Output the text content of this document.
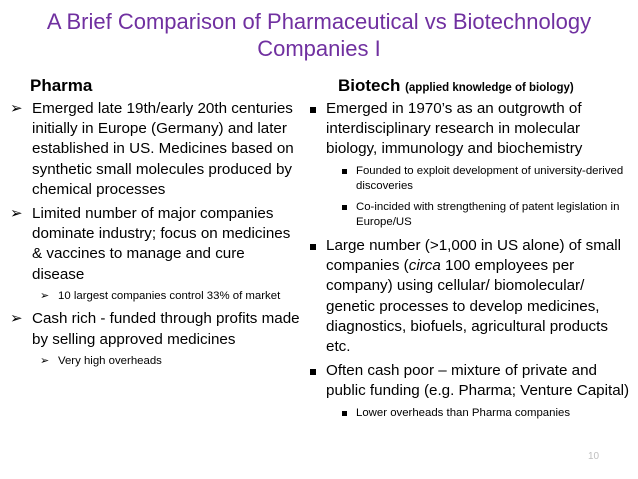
A Brief Comparison of Pharmaceutical vs Biotechnology
Companies I
Pharma	Biotech (applied knowledge of biology)
➢ Emerged late 19th/early 20th centuries initially in Europe (Germany) and later established in US. Medicines based on synthetic small molecules produced by chemical processes
➢ Limited number of major companies dominate industry; focus on medicines & vaccines to manage and cure disease
➢ 10 largest companies control 33% of market
➢ Cash rich - funded through profits made by selling approved medicines
➢ Very high overheads
Emerged in 1970’s as an outgrowth of interdisciplinary research in molecular biology, immunology and biochemistry
Founded to exploit development of university-derived discoveries
Co-incided with strengthening of patent legislation in Europe/US
Large number (>1,000 in US alone) of small companies (circa 100 employees per company) using cellular/ biomolecular/ genetic processes to develop medicines, diagnostics, biofuels, agricultural products etc.
Often cash poor – mixture of private and public funding (e.g. Pharma; Venture Capital)
Lower overheads than Pharma companies
10
